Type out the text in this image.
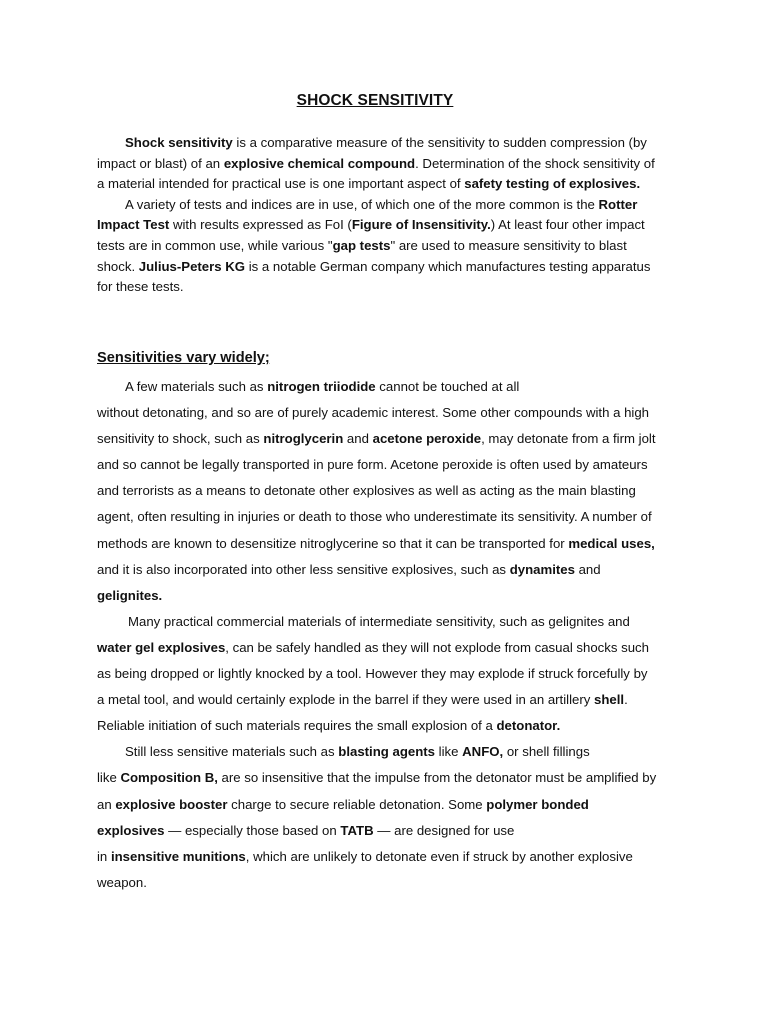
SHOCK SENSITIVITY

Shock sensitivity is a comparative measure of the sensitivity to sudden compression (by impact or blast) of an explosive chemical compound. Determination of the shock sensitivity of a material intended for practical use is one important aspect of safety testing of explosives.

A variety of tests and indices are in use, of which one of the more common is the Rotter Impact Test with results expressed as FoI (Figure of Insensitivity.) At least four other impact tests are in common use, while various "gap tests" are used to measure sensitivity to blast shock. Julius-Peters KG is a notable German company which manufactures testing apparatus for these tests.

Sensitivities vary widely;

A few materials such as nitrogen triiodide cannot be touched at all
without detonating, and so are of purely academic interest. Some other compounds with a high sensitivity to shock, such as nitroglycerin and acetone peroxide, may detonate from a firm jolt and so cannot be legally transported in pure form. Acetone peroxide is often used by amateurs and terrorists as a means to detonate other explosives as well as acting as the main blasting agent, often resulting in injuries or death to those who underestimate its sensitivity. A number of methods are known to desensitize nitroglycerine so that it can be transported for medical uses, and it is also incorporated into other less sensitive explosives, such as dynamites and gelignites.

Many practical commercial materials of intermediate sensitivity, such as gelignites and water gel explosives, can be safely handled as they will not explode from casual shocks such as being dropped or lightly knocked by a tool. However they may explode if struck forcefully by a metal tool, and would certainly explode in the barrel if they were used in an artillery shell. Reliable initiation of such materials requires the small explosion of a detonator.

Still less sensitive materials such as blasting agents like ANFO, or shell fillings
like Composition B, are so insensitive that the impulse from the detonator must be amplified by an explosive booster charge to secure reliable detonation. Some polymer bonded explosives — especially those based on TATB — are designed for use
in insensitive munitions, which are unlikely to detonate even if struck by another explosive weapon.
